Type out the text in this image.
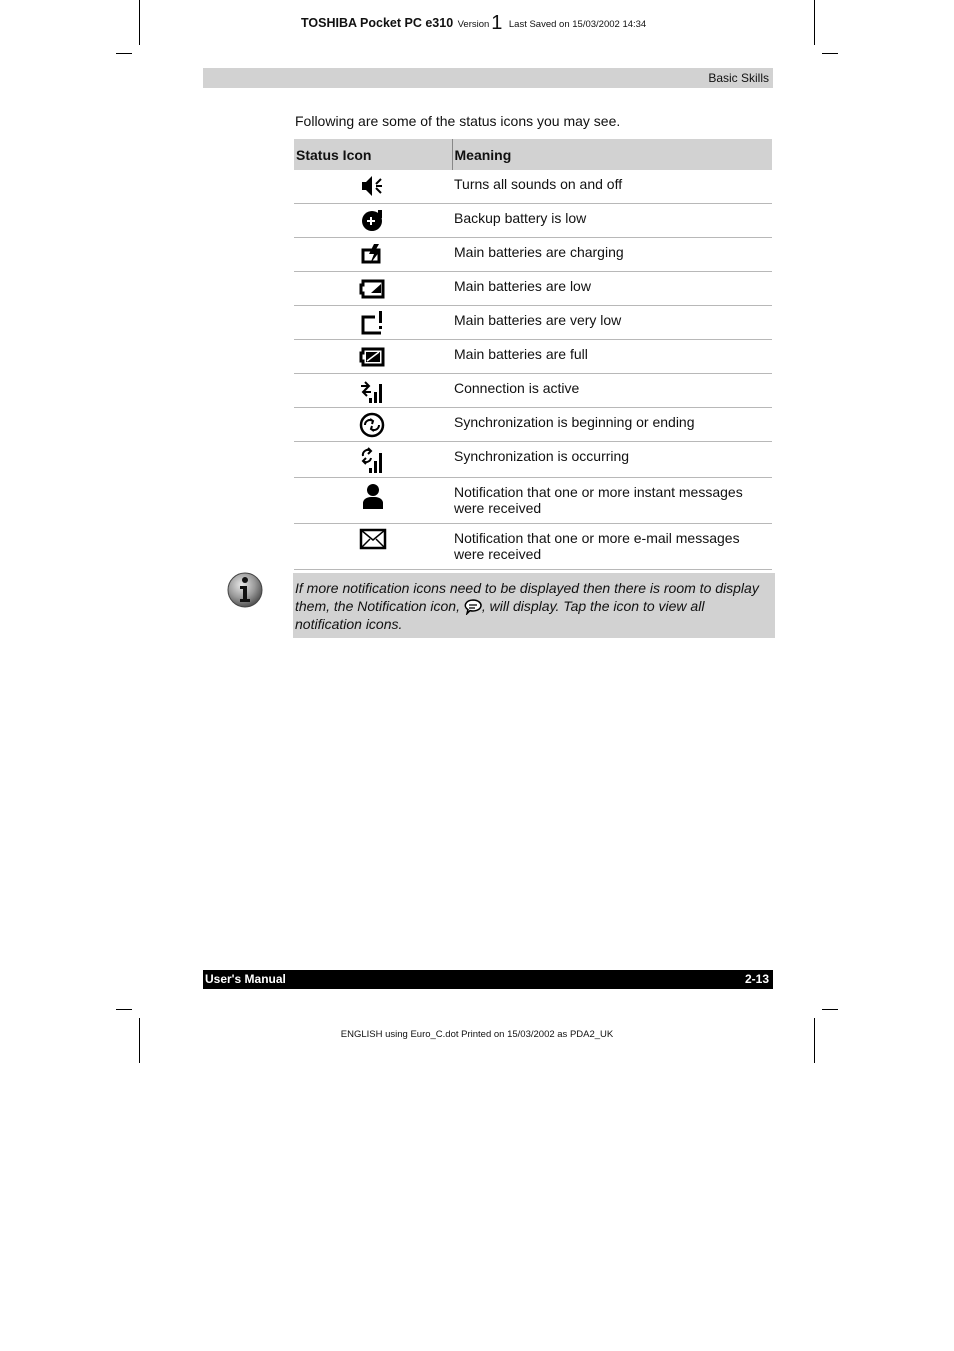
TOSHIBA Pocket PC e310 Version 1 Last Saved on 15/03/2002 14:34
Basic Skills
Following are some of the status icons you may see.
Status Icon	Meaning
	Turns all sounds on and off
	Backup battery is low
	Main batteries are charging
	Main batteries are low
	Main batteries are very low
	Main batteries are full
	Connection is active
	Synchronization is beginning or ending
	Synchronization is occurring
	Notification that one or more instant messages were received
	Notification that one or more e-mail messages were received
If more notification icons need to be displayed then there is room to display them, the Notification icon, , will display. Tap the icon to view all notification icons.
User's Manual	2-13
ENGLISH using Euro_C.dot Printed on 15/03/2002 as PDA2_UK
